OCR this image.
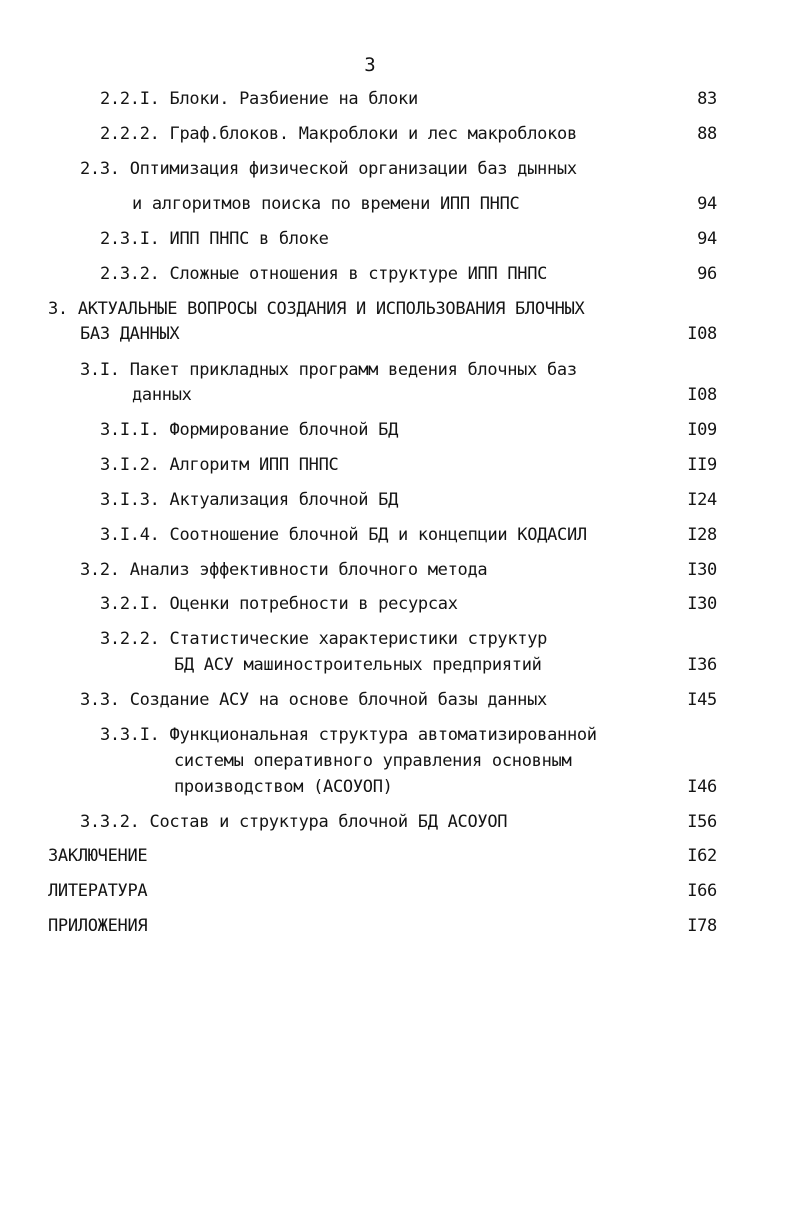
3
2.2.I. Блоки. Разбиение на блоки	83
2.2.2. Граф.блоков. Макроблоки и лес макроблоков	88
2.3. Оптимизация физической организации баз дынных
и алгоритмов поиска по времени ИПП ПНПС	94
2.3.I. ИПП ПНПС в блоке	94
2.3.2. Сложные отношения в структуре ИПП ПНПС	96
3. АКТУАЛЬНЫЕ ВОПРОСЫ СОЗДАНИЯ И ИСПОЛЬЗОВАНИЯ БЛОЧНЫХ
БАЗ ДАННЫХ	I08
3.I. Пакет прикладных программ ведения блочных баз
данных	I08
3.I.I. Формирование блочной БД	I09
3.I.2. Алгоритм ИПП ПНПС	II9
3.I.3. Актуализация блочной БД	I24
3.I.4. Соотношение блочной БД и концепции КОДАСИЛ	I28
3.2. Анализ эффективности блочного метода	I30
3.2.I. Оценки потребности в ресурсах	I30
3.2.2. Статистические характеристики структур
БД АСУ машиностроительных предприятий	I36
3.3. Создание АСУ на основе блочной базы данных	I45
3.3.I. Функциональная структура автоматизированной
системы оперативного управления основным
производством (АСОУОП)	I46
3.3.2. Состав и структура блочной БД АСОУОП	I56
ЗАКЛЮЧЕНИЕ	I62
ЛИТЕРАТУРА	I66
ПРИЛОЖЕНИЯ	I78
